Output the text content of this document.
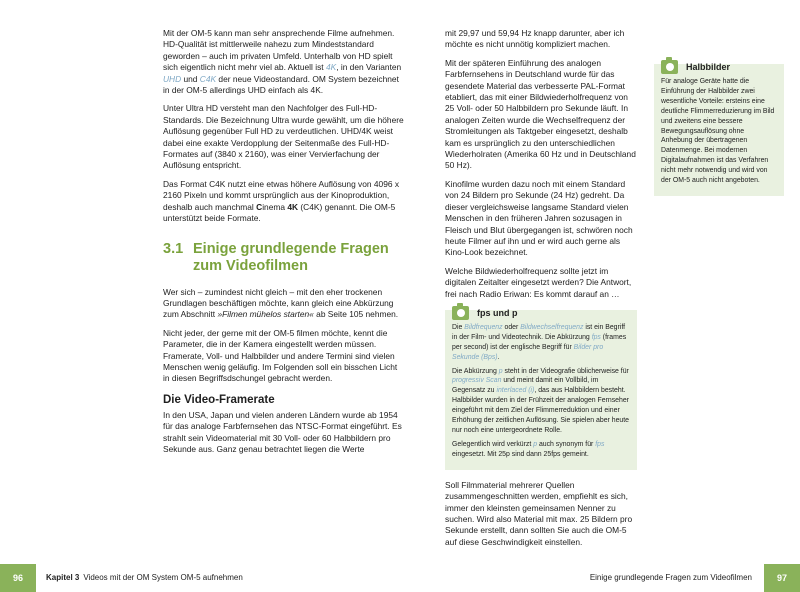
Mit der OM-5 kann man sehr ansprechende Filme aufnehmen. HD-Qualität ist mittlerweile nahezu zum Mindeststandard geworden – auch im privaten Umfeld. Unterhalb von HD spielt sich eigentlich nicht mehr viel ab. Aktuell ist 4K, in den Varianten UHD und C4K der neue Videostandard. OM System bezeichnet in der OM-5 allerdings UHD einfach als 4K.

Unter Ultra HD versteht man den Nachfolger des Full-HD-Standards. Die Bezeichnung Ultra wurde gewählt, um die höhere Auflösung gegenüber Full HD zu verdeutlichen. UHD/4K weist dabei eine exakte Verdopplung der Seitenmaße des Full-HD-Formates auf (3840 x 2160), was einer Vervierfachung der Auflösung entspricht.

Das Format C4K nutzt eine etwas höhere Auflösung von 4096 x 2160 Pixeln und kommt ursprünglich aus der Kinoproduktion, deshalb auch manchmal Cinema 4K (C4K) genannt. Die OM-5 unterstützt beide Formate.

3.1 Einige grundlegende Fragen
zum Videofilmen

Wer sich – zumindest nicht gleich – mit den eher trockenen Grundlagen beschäftigen möchte, kann gleich eine Abkürzung zum Abschnitt »Filmen mühelos starten« ab Seite 105 nehmen.

Nicht jeder, der gerne mit der OM-5 filmen möchte, kennt die Parameter, die in der Kamera eingestellt werden müssen. Framerate, Voll- und Halbbilder und andere Termini sind vielen Menschen wenig geläufig. Im Folgenden soll ein bisschen Licht in diesen Begriffsdschungel gebracht werden.

Die Video-Framerate

In den USA, Japan und vielen anderen Ländern wurde ab 1954 für das analoge Farbfernsehen das NTSC-Format eingeführt. Es strahlt sein Videomaterial mit 30 Voll- oder 60 Halbbildern pro Sekunde aus. Ganz genau betrachtet liegen die Werte

mit 29,97 und 59,94 Hz knapp darunter, aber ich möchte es nicht unnötig kompliziert machen.

Mit der späteren Einführung des analogen Farbfernsehens in Deutschland wurde für das gesendete Material das verbesserte PAL-Format etabliert, das mit einer Bildwiederholfrequenz von 25 Voll- oder 50 Halbbildern pro Sekunde läuft. In analogen Zeiten wurde die Wechselfrequenz der Stromleitungen als Taktgeber eingesetzt, deshalb kam es ursprünglich zu den unterschiedlichen Wiederholraten (Amerika 60 Hz und in Deutschland 50 Hz).

Kinofilme wurden dazu noch mit einem Standard von 24 Bildern pro Sekunde (24 Hz) gedreht. Da dieser vergleichsweise langsame Standard vielen Menschen in den früheren Jahren sozusagen in Fleisch und Blut übergegangen ist, schwören noch heute Filmer auf ihn und er wird auch gerne als Kino-Look bezeichnet.

Welche Bildwiederholfrequenz sollte jetzt im digitalen Zeitalter eingesetzt werden? Die Antwort, frei nach Radio Eriwan: Es kommt darauf an …

fps und p

Die Bildfrequenz oder Bildwechselfrequenz ist ein Begriff in der Film- und Videotechnik. Die Abkürzung fps (frames per second) ist der englische Begriff für Bilder pro Sekunde (Bps).

Die Abkürzung p steht in der Videografie üblicherweise für progressiv Scan und meint damit ein Vollbild, im Gegensatz zu interlaced (i), das aus Halbbildern besteht. Halbbilder wurden in der Frühzeit der analogen Fernseher eingeführt mit dem Ziel der Flimmerreduktion und einer Erhöhung der zeitlichen Auflösung. Sie spielen aber heute nur noch eine untergeordnete Rolle.

Gelegentlich wird verkürzt p auch synonym für fps eingesetzt. Mit 25p sind dann 25fps gemeint.

Soll Filmmaterial mehrerer Quellen zusammengeschnitten werden, empfiehlt es sich, immer den kleinsten gemeinsamen Nenner zu suchen. Wird also Material mit max. 25 Bildern pro Sekunde erstellt, dann sollten Sie auch die OM-5 auf diese Geschwindigkeit einstellen.

Halbbilder

Für analoge Geräte hatte die Einführung der Halbbilder zwei wesentliche Vorteile: ersteins eine deutliche Flimmerreduzierung im Bild und zweitens eine bessere Bewegungsauflösung ohne Anhebung der übertragenen Datenmenge. Bei modernen Digitalaufnahmen ist das Verfahren nicht mehr notwendig und wird von der OM-5 auch nicht angeboten.

96	Kapitel 3 Videos mit der OM System OM-5 aufnehmen	Einige grundlegende Fragen zum Videofilmen	97
